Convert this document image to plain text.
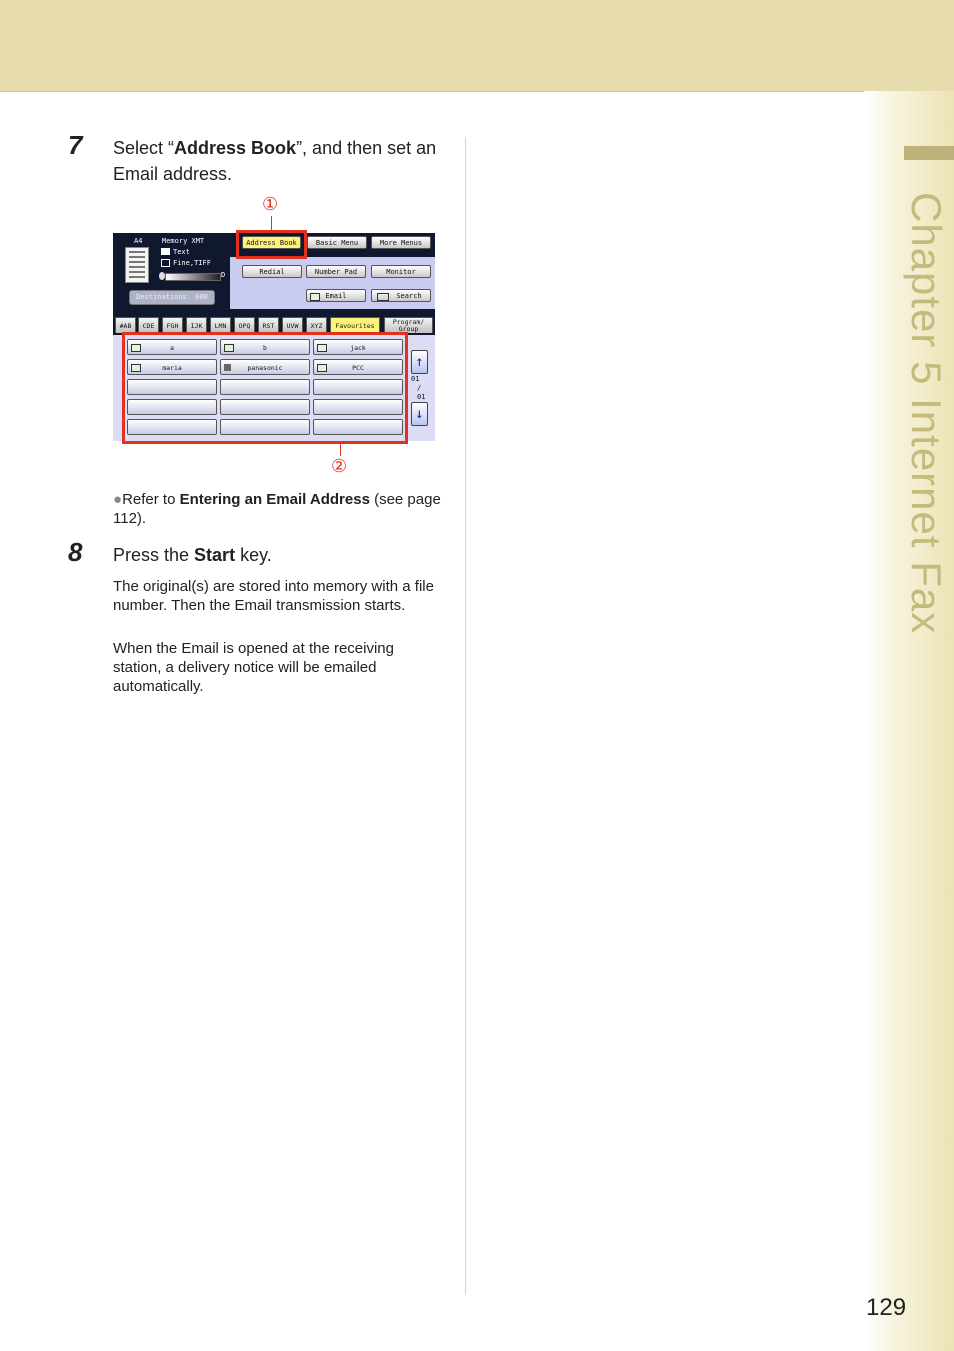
Chapter 5 Internet Fax
7 Select “Address Book”, and then set an Email address.
①
A4	Memory XMT
Text
Fine,TIFF
D
Destinations: 000
Address Book	Basic Menu	More Menus
Redial	Number Pad	Monitor
Email	Search
#AB	CDE	FGH	IJK	LMN	OPQ	RST	UVW	XYZ	Favourites	Program/
Group
a	b	jack
maria	panasonic	PCC	↑
01
/
01
↓
②
●Refer to Entering an Email Address (see page 112).
8 Press the Start key.
The original(s) are stored into memory with a file number. Then the Email transmission starts.
When the Email is opened at the receiving station, a delivery notice will be emailed automatically.
129
